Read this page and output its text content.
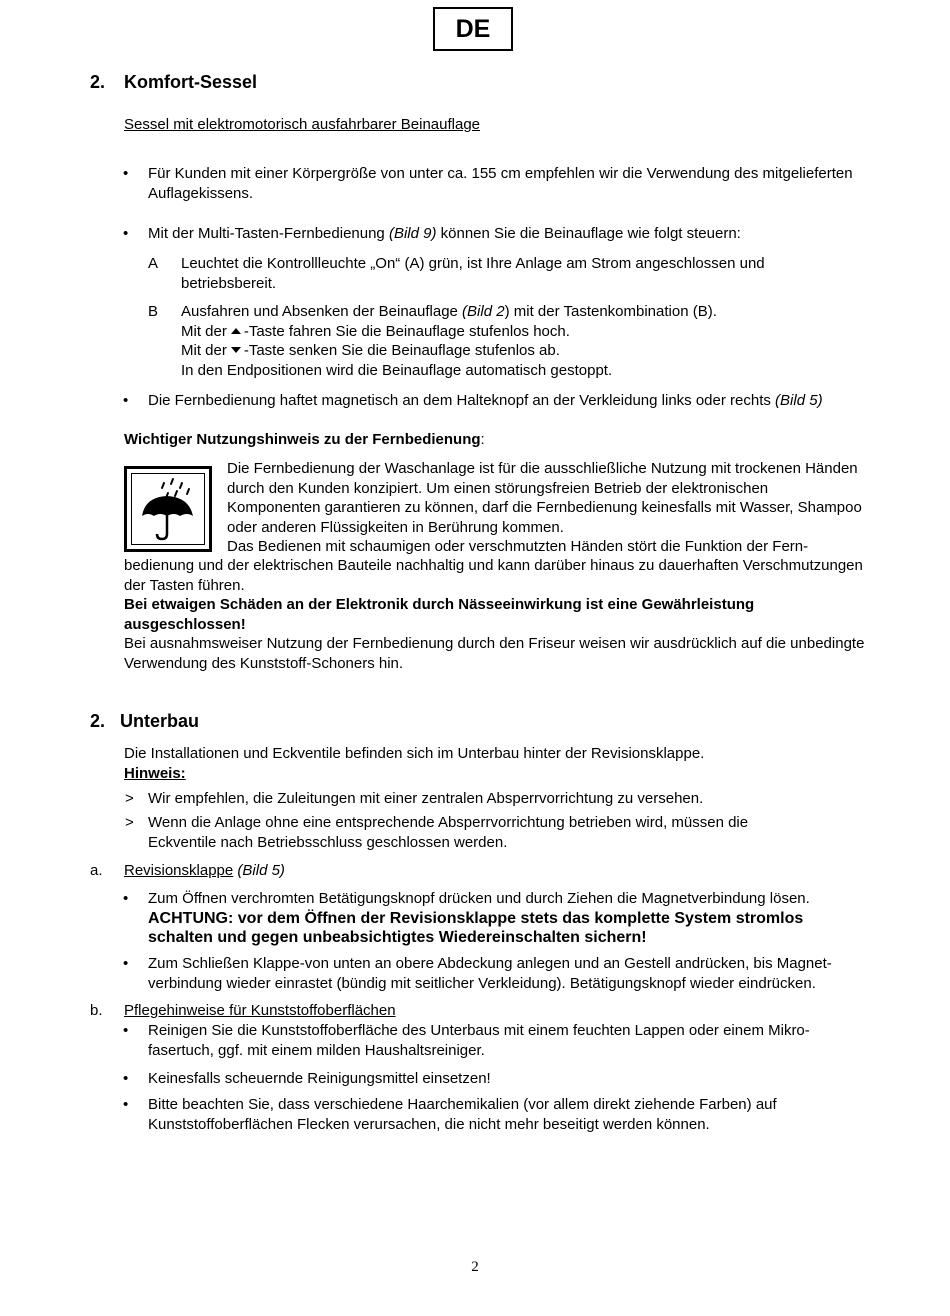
DE
2. Komfort-Sessel
Sessel mit elektromotorisch ausfahrbarer Beinauflage
• Für Kunden mit einer Körpergröße von unter ca. 155 cm empfehlen wir die Verwendung des mitgelieferten
Auflagekissens.
• Mit der Multi-Tasten-Fernbedienung (Bild 9) können Sie die Beinauflage wie folgt steuern:
A Leuchtet die Kontrollleuchte „On“ (A) grün, ist Ihre Anlage am Strom angeschlossen und
betriebsbereit.
B Ausfahren und Absenken der Beinauflage (Bild 2) mit der Tastenkombination (B).
Mit der -Taste fahren Sie die Beinauflage stufenlos hoch.
Mit der -Taste senken Sie die Beinauflage stufenlos ab.
In den Endpositionen wird die Beinauflage automatisch gestoppt.
• Die Fernbedienung haftet magnetisch an dem Halteknopf an der Verkleidung links oder rechts (Bild 5)
Wichtiger Nutzungshinweis zu der Fernbedienung:
Die Fernbedienung der Waschanlage ist für die ausschließliche Nutzung mit trockenen Händen
durch den Kunden konzipiert. Um einen störungsfreien Betrieb der elektronischen
Komponenten garantieren zu können, darf die Fernbedienung keinesfalls mit Wasser, Shampoo
oder anderen Flüssigkeiten in Berührung kommen.
Das Bedienen mit schaumigen oder verschmutzten Händen stört die Funktion der Fern-
bedienung und der elektrischen Bauteile nachhaltig und kann darüber hinaus zu dauerhaften Verschmutzungen
der Tasten führen.
Bei etwaigen Schäden an der Elektronik durch Nässeeinwirkung ist eine Gewährleistung
ausgeschlossen!
Bei ausnahmsweiser Nutzung der Fernbedienung durch den Friseur weisen wir ausdrücklich auf die unbedingte
Verwendung des Kunststoff-Schoners hin.
2. Unterbau
Die Installationen und Eckventile befinden sich im Unterbau hinter der Revisionsklappe.
Hinweis:
> Wir empfehlen, die Zuleitungen mit einer zentralen Absperrvorrichtung zu versehen.
> Wenn die Anlage ohne eine entsprechende Absperrvorrichtung betrieben wird, müssen die
Eckventile nach Betriebsschluss geschlossen werden.
a. Revisionsklappe (Bild 5)
• Zum Öffnen verchromten Betätigungsknopf drücken und durch Ziehen die Magnetverbindung lösen.
ACHTUNG: vor dem Öffnen der Revisionsklappe stets das komplette System stromlos
schalten und gegen unbeabsichtigtes Wiedereinschalten sichern!
• Zum Schließen Klappe-von unten an obere Abdeckung anlegen und an Gestell andrücken, bis Magnet-
verbindung wieder einrastet (bündig mit seitlicher Verkleidung). Betätigungsknopf wieder eindrücken.
b. Pflegehinweise für Kunststoffoberflächen
• Reinigen Sie die Kunststoffoberfläche des Unterbaus mit einem feuchten Lappen oder einem Mikro-
fasertuch, ggf. mit einem milden Haushaltsreiniger.
• Keinesfalls scheuernde Reinigungsmittel einsetzen!
• Bitte beachten Sie, dass verschiedene Haarchemikalien (vor allem direkt ziehende Farben) auf
Kunststoffoberflächen Flecken verursachen, die nicht mehr beseitigt werden können.
2
